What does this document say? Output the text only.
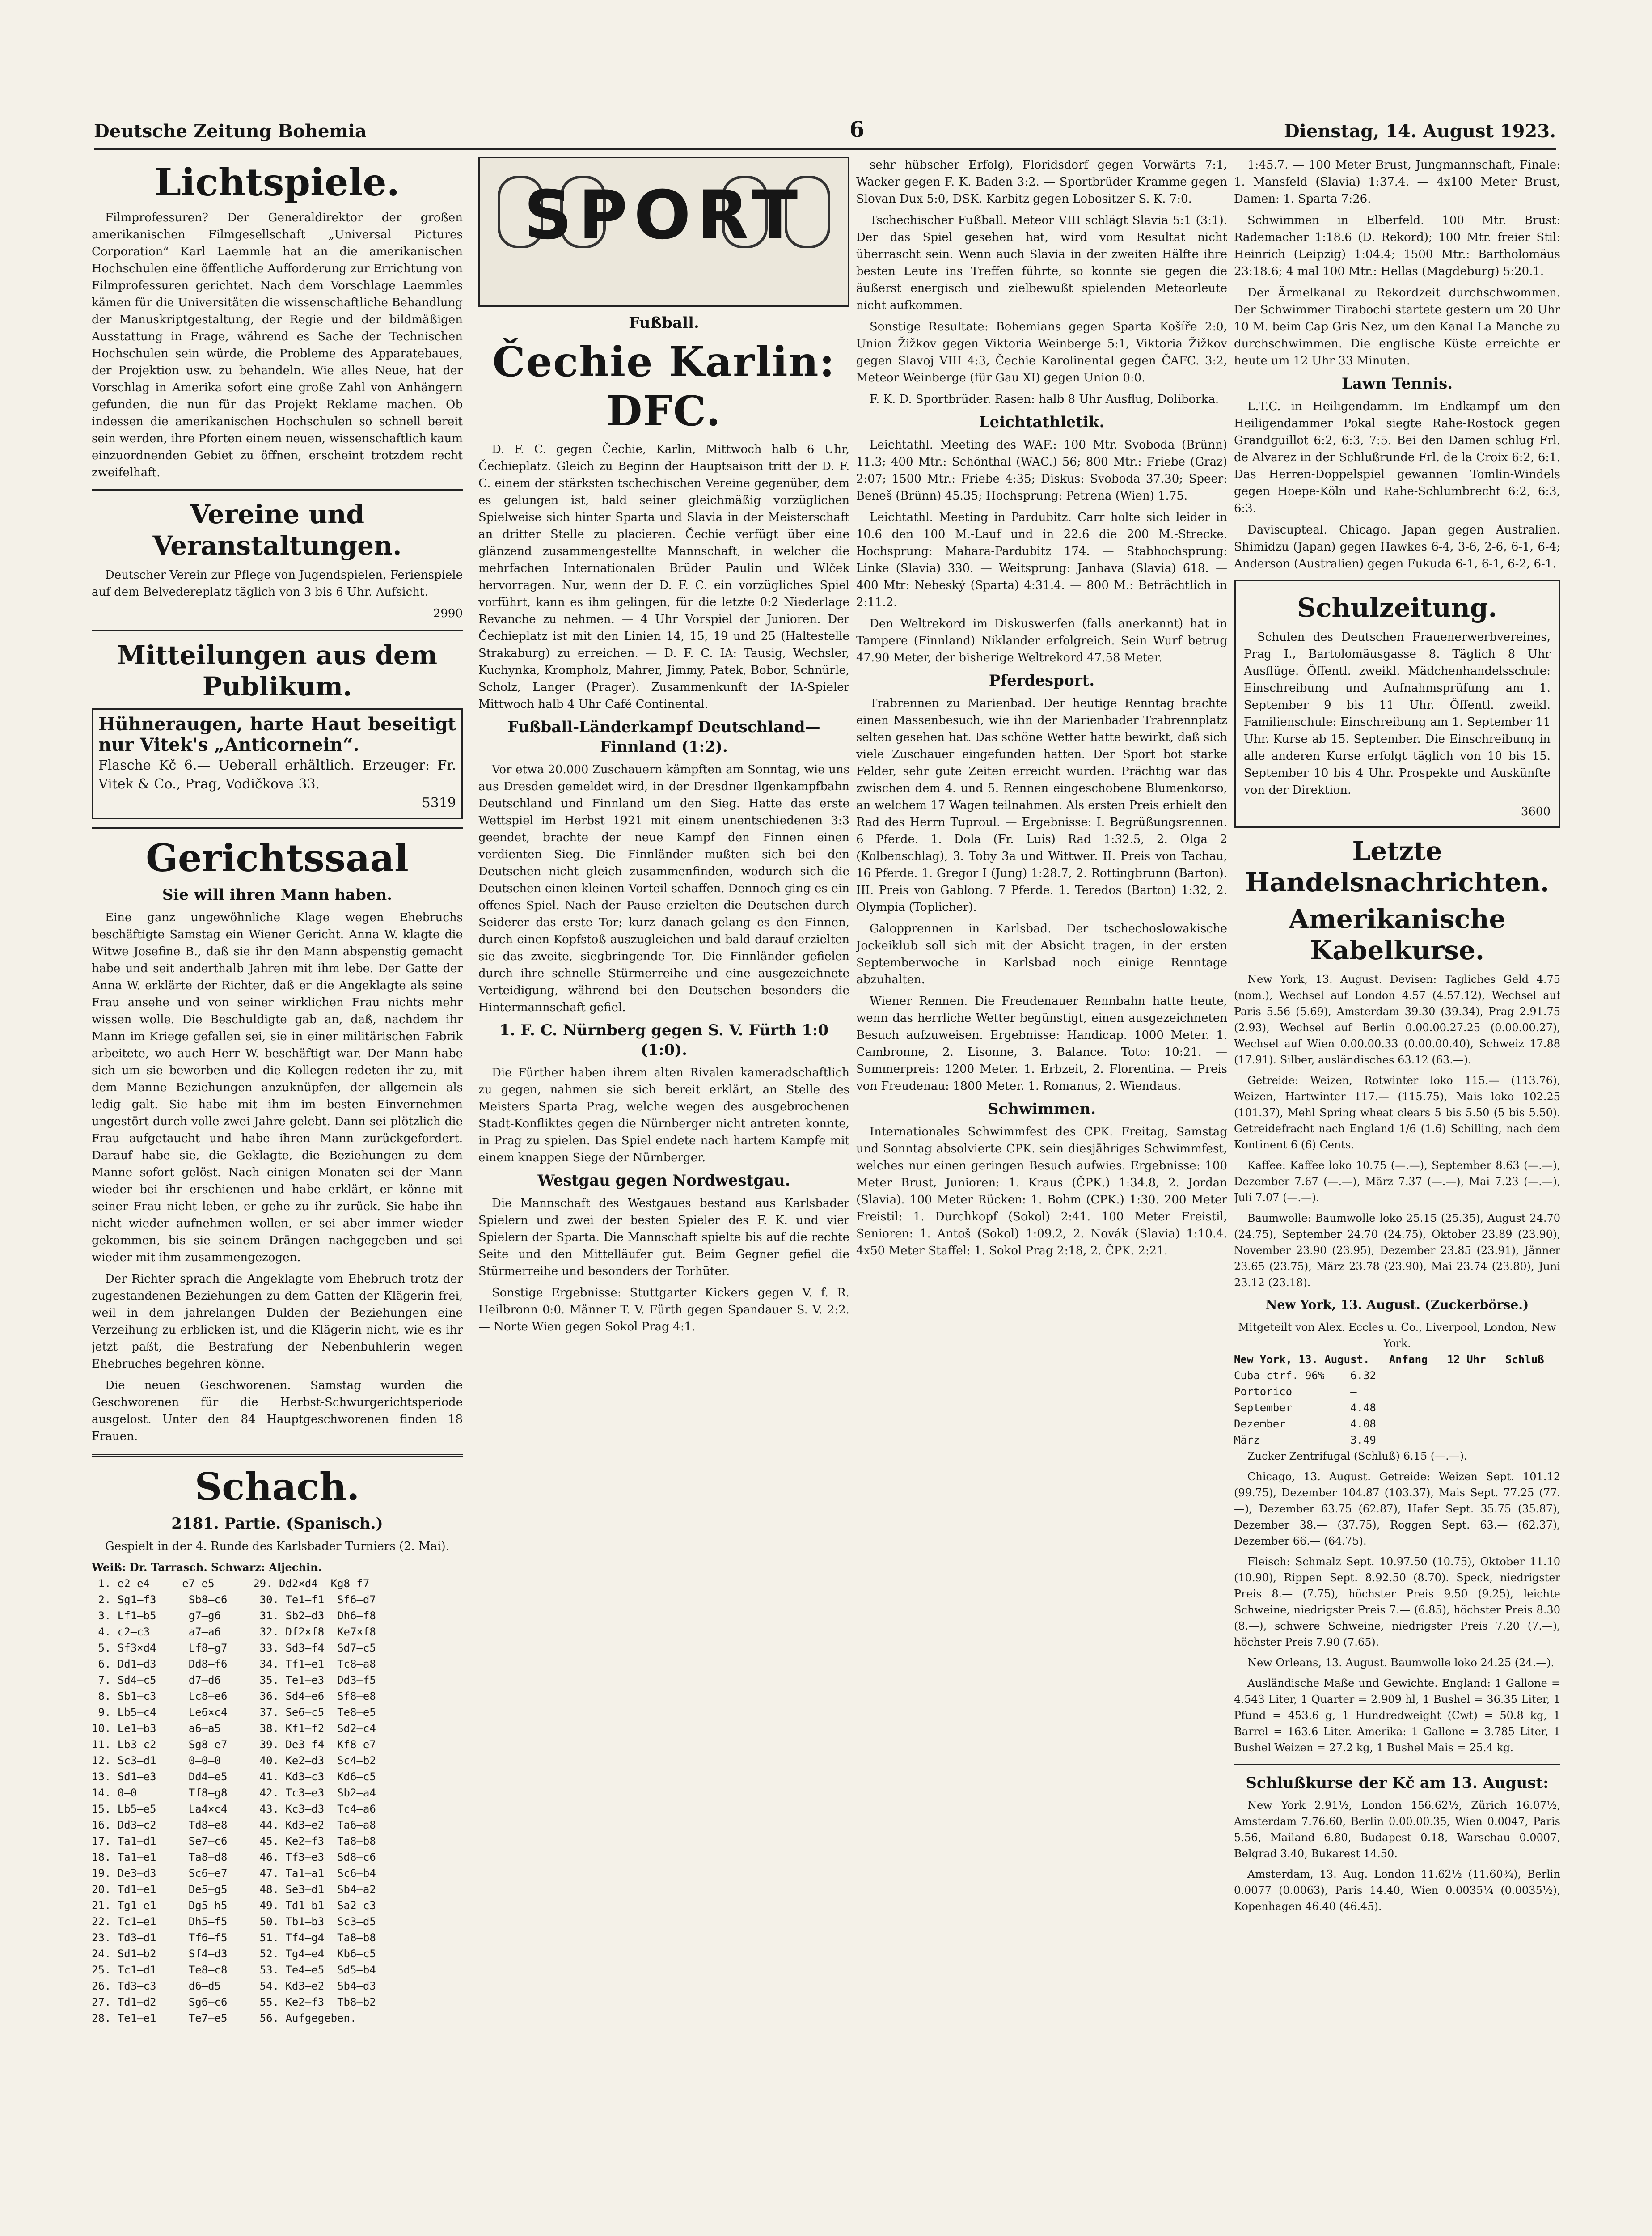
Deutsche Zeitung Bohemia	6	Dienstag, 14. August 1923.
Lichtspiele.

Filmprofessuren? Der Generaldirektor der großen amerikanischen Filmgesellschaft „Universal Pictures Corporation“ Karl Laemmle hat an die amerikanischen Hochschulen eine öffentliche Aufforderung zur Errichtung von Filmprofessuren gerichtet. Nach dem Vorschlage Laemmles kämen für die Universitäten die wissenschaftliche Behandlung der Manuskriptgestaltung, der Regie und der bildmäßigen Ausstattung in Frage, während es Sache der Technischen Hochschulen sein würde, die Probleme des Apparatebaues, der Projektion usw. zu behandeln. Wie alles Neue, hat der Vorschlag in Amerika sofort eine große Zahl von Anhängern gefunden, die nun für das Projekt Reklame machen. Ob indessen die amerikanischen Hochschulen so schnell bereit sein werden, ihre Pforten einem neuen, wissenschaftlich kaum einzuordnenden Gebiet zu öffnen, erscheint trotzdem recht zweifelhaft.

Vereine und Veranstaltungen.

Deutscher Verein zur Pflege von Jugendspielen, Ferienspiele auf dem Belvedereplatz täglich von 3 bis 6 Uhr. Aufsicht.

2990
Mitteilungen aus dem Publikum.
Hühneraugen, harte Haut beseitigt nur Vitek's „Anticornein“.
Flasche Kč 6.— Ueberall erhältlich. Erzeuger: Fr. Vitek & Co., Prag, Vodičkova 33.
5319
Gerichtssaal
Sie will ihren Mann haben.

Eine ganz ungewöhnliche Klage wegen Ehebruchs beschäftigte Samstag ein Wiener Gericht. Anna W. klagte die Witwe Josefine B., daß sie ihr den Mann abspenstig gemacht habe und seit anderthalb Jahren mit ihm lebe. Der Gatte der Anna W. erklärte der Richter, daß er die Angeklagte als seine Frau ansehe und von seiner wirklichen Frau nichts mehr wissen wolle. Die Beschuldigte gab an, daß, nachdem ihr Mann im Kriege gefallen sei, sie in einer militärischen Fabrik arbeitete, wo auch Herr W. beschäftigt war. Der Mann habe sich um sie beworben und die Kollegen redeten ihr zu, mit dem Manne Beziehungen anzuknüpfen, der allgemein als ledig galt. Sie habe mit ihm im besten Einvernehmen ungestört durch volle zwei Jahre gelebt. Dann sei plötzlich die Frau aufgetaucht und habe ihren Mann zurückgefordert. Darauf habe sie, die Geklagte, die Beziehungen zu dem Manne sofort gelöst. Nach einigen Monaten sei der Mann wieder bei ihr erschienen und habe erklärt, er könne mit seiner Frau nicht leben, er gehe zu ihr zurück. Sie habe ihn nicht wieder aufnehmen wollen, er sei aber immer wieder gekommen, bis sie seinem Drängen nachgegeben und sei wieder mit ihm zusammengezogen.

Der Richter sprach die Angeklagte vom Ehebruch trotz der zugestandenen Beziehungen zu dem Gatten der Klägerin frei, weil in dem jahrelangen Dulden der Beziehungen eine Verzeihung zu erblicken ist, und die Klägerin nicht, wie es ihr jetzt paßt, die Bestrafung der Nebenbuhlerin wegen Ehebruches begehren könne.

Die neuen Geschworenen. Samstag wurden die Geschworenen für die Herbst-Schwurgerichtsperiode ausgelost. Unter den 84 Hauptgeschworenen finden 18 Frauen.

Schach.
2181. Partie. (Spanisch.)

Gespielt in der 4. Runde des Karlsbader Turniers (2. Mai).

Weiß: Dr. Tarrasch. Schwarz: Aljechin.
1. e2—e4     e7—e5      29. Dd2×d4  Kg8—f7
2. Sg1—f3     Sb8—c6     30. Te1—f1  Sf6—d7
3. Lf1—b5     g7—g6      31. Sb2—d3  Dh6—f8
4. c2—c3      a7—a6      32. Df2×f8  Ke7×f8
5. Sf3×d4     Lf8—g7     33. Sd3—f4  Sd7—c5
6. Dd1—d3     Dd8—f6     34. Tf1—e1  Tc8—a8
7. Sd4—c5     d7—d6      35. Te1—e3  Dd3—f5
8. Sb1—c3     Lc8—e6     36. Sd4—e6  Sf8—e8
9. Lb5—c4     Le6×c4     37. Se6—c5  Te8—e5
10. Le1—b3     a6—a5      38. Kf1—f2  Sd2—c4
11. Lb3—c2     Sg8—e7     39. De3—f4  Kf8—e7
12. Sc3—d1     0—0—0      40. Ke2—d3  Sc4—b2
13. Sd1—e3     Dd4—e5     41. Kd3—c3  Kd6—c5
14. 0—0        Tf8—g8     42. Tc3—e3  Sb2—a4
15. Lb5—e5     La4×c4     43. Kc3—d3  Tc4—a6
16. Dd3—c2     Td8—e8     44. Kd3—e2  Ta6—a8
17. Ta1—d1     Se7—c6     45. Ke2—f3  Ta8—b8
18. Ta1—e1     Ta8—d8     46. Tf3—e3  Sd8—c6
19. De3—d3     Sc6—e7     47. Ta1—a1  Sc6—b4
20. Td1—e1     De5—g5     48. Se3—d1  Sb4—a2
21. Tg1—e1     Dg5—h5     49. Td1—b1  Sa2—c3
22. Tc1—e1     Dh5—f5     50. Tb1—b3  Sc3—d5
23. Td3—d1     Tf6—f5     51. Tf4—g4  Ta8—b8
24. Sd1—b2     Sf4—d3     52. Tg4—e4  Kb6—c5
25. Tc1—d1     Te8—c8     53. Te4—e5  Sd5—b4
26. Td3—c3     d6—d5      54. Kd3—e2  Sb4—d3
27. Td1—d2     Sg6—c6     55. Ke2—f3  Tb8—b2
28. Te1—e1     Te7—e5     56. Aufgegeben.
SPORT
Fußball.
Čechie Karlin: DFC.

D. F. C. gegen Čechie, Karlin, Mittwoch halb 6 Uhr, Čechieplatz. Gleich zu Beginn der Hauptsaison tritt der D. F. C. einem der stärksten tschechischen Vereine gegenüber, dem es gelungen ist, bald seiner gleichmäßig vorzüglichen Spielweise sich hinter Sparta und Slavia in der Meisterschaft an dritter Stelle zu placieren. Čechie verfügt über eine glänzend zusammengestellte Mannschaft, in welcher die mehrfachen Internationalen Brüder Paulin und Wlček hervorragen. Nur, wenn der D. F. C. ein vorzügliches Spiel vorführt, kann es ihm gelingen, für die letzte 0:2 Niederlage Revanche zu nehmen. — 4 Uhr Vorspiel der Junioren. Der Čechieplatz ist mit den Linien 14, 15, 19 und 25 (Haltestelle Strakaburg) zu erreichen. — D. F. C. IA: Tausig, Wechsler, Kuchynka, Krompholz, Mahrer, Jimmy, Patek, Bobor, Schnürle, Scholz, Langer (Prager). Zusammenkunft der IA-Spieler Mittwoch halb 4 Uhr Café Continental.

Fußball-Länderkampf Deutschland—Finnland (1:2).

Vor etwa 20.000 Zuschauern kämpften am Sonntag, wie uns aus Dresden gemeldet wird, in der Dresdner Ilgenkampfbahn Deutschland und Finnland um den Sieg. Hatte das erste Wettspiel im Herbst 1921 mit einem unentschiedenen 3:3 geendet, brachte der neue Kampf den Finnen einen verdienten Sieg. Die Finnländer mußten sich bei den Deutschen nicht gleich zusammenfinden, wodurch sich die Deutschen einen kleinen Vorteil schaffen. Dennoch ging es ein offenes Spiel. Nach der Pause erzielten die Deutschen durch Seiderer das erste Tor; kurz danach gelang es den Finnen, durch einen Kopfstoß auszugleichen und bald darauf erzielten sie das zweite, siegbringende Tor. Die Finnländer gefielen durch ihre schnelle Stürmerreihe und eine ausgezeichnete Verteidigung, während bei den Deutschen besonders die Hintermannschaft gefiel.

1. F. C. Nürnberg gegen S. V. Fürth 1:0 (1:0).

Die Fürther haben ihrem alten Rivalen kameradschaftlich zu gegen, nahmen sie sich bereit erklärt, an Stelle des Meisters Sparta Prag, welche wegen des ausgebrochenen Stadt-Konfliktes gegen die Nürnberger nicht antreten konnte, in Prag zu spielen. Das Spiel endete nach hartem Kampfe mit einem knappen Siege der Nürnberger.

Westgau gegen Nordwestgau.

Die Mannschaft des Westgaues bestand aus Karlsbader Spielern und zwei der besten Spieler des F. K. und vier Spielern der Sparta. Die Mannschaft spielte bis auf die rechte Seite und den Mittelläufer gut. Beim Gegner gefiel die Stürmerreihe und besonders der Torhüter.

Sonstige Ergebnisse: Stuttgarter Kickers gegen V. f. R. Heilbronn 0:0. Männer T. V. Fürth gegen Spandauer S. V. 2:2. — Norte Wien gegen Sokol Prag 4:1.

sehr hübscher Erfolg), Floridsdorf gegen Vorwärts 7:1, Wacker gegen F. K. Baden 3:2. — Sportbrüder Kramme gegen Slovan Dux 5:0, DSK. Karbitz gegen Lobositzer S. K. 7:0.

Tschechischer Fußball. Meteor VIII schlägt Slavia 5:1 (3:1). Der das Spiel gesehen hat, wird vom Resultat nicht überrascht sein. Wenn auch Slavia in der zweiten Hälfte ihre besten Leute ins Treffen führte, so konnte sie gegen die äußerst energisch und zielbewußt spielenden Meteorleute nicht aufkommen.

Sonstige Resultate: Bohemians gegen Sparta Košíře 2:0, Union Žižkov gegen Viktoria Weinberge 5:1, Viktoria Žižkov gegen Slavoj VIII 4:3, Čechie Karolinental gegen ČAFC. 3:2, Meteor Weinberge (für Gau XI) gegen Union 0:0.

F. K. D. Sportbrüder. Rasen: halb 8 Uhr Ausflug, Doliborka.

Leichtathletik.

Leichtathl. Meeting des WAF.: 100 Mtr. Svoboda (Brünn) 11.3; 400 Mtr.: Schönthal (WAC.) 56; 800 Mtr.: Friebe (Graz) 2:07; 1500 Mtr.: Friebe 4:35; Diskus: Svoboda 37.30; Speer: Beneš (Brünn) 45.35; Hochsprung: Petrena (Wien) 1.75.

Leichtathl. Meeting in Pardubitz. Carr holte sich leider in 10.6 den 100 M.-Lauf und in 22.6 die 200 M.-Strecke. Hochsprung: Mahara-Pardubitz 174. — Stabhochsprung: Linke (Slavia) 330. — Weitsprung: Janhava (Slavia) 618. — 400 Mtr: Nebeský (Sparta) 4:31.4. — 800 M.: Beträchtlich in 2:11.2.

Den Weltrekord im Diskuswerfen (falls anerkannt) hat in Tampere (Finnland) Niklander erfolgreich. Sein Wurf betrug 47.90 Meter, der bisherige Weltrekord 47.58 Meter.

Pferdesport.

Trabrennen zu Marienbad. Der heutige Renntag brachte einen Massenbesuch, wie ihn der Marienbader Trabrennplatz selten gesehen hat. Das schöne Wetter hatte bewirkt, daß sich viele Zuschauer eingefunden hatten. Der Sport bot starke Felder, sehr gute Zeiten erreicht wurden. Prächtig war das zwischen dem 4. und 5. Rennen eingeschobene Blumenkorso, an welchem 17 Wagen teilnahmen. Als ersten Preis erhielt den Rad des Herrn Tuproul. — Ergebnisse: I. Begrüßungsrennen. 6 Pferde. 1. Dola (Fr. Luis) Rad 1:32.5, 2. Olga 2 (Kolbenschlag), 3. Toby 3a und Wittwer. II. Preis von Tachau, 16 Pferde. 1. Gregor I (Jung) 1:28.7, 2. Rottingbrunn (Barton). III. Preis von Gablong. 7 Pferde. 1. Teredos (Barton) 1:32, 2. Olympia (Toplicher).

Galopprennen in Karlsbad. Der tschechoslowakische Jockeiklub soll sich mit der Absicht tragen, in der ersten Septemberwoche in Karlsbad noch einige Renntage abzuhalten.

Wiener Rennen. Die Freudenauer Rennbahn hatte heute, wenn das herrliche Wetter begünstigt, einen ausgezeichneten Besuch aufzuweisen. Ergebnisse: Handicap. 1000 Meter. 1. Cambronne, 2. Lisonne, 3. Balance. Toto: 10:21. — Sommerpreis: 1200 Meter. 1. Erbzeit, 2. Florentina. — Preis von Freudenau: 1800 Meter. 1. Romanus, 2. Wiendaus.

Schwimmen.

Internationales Schwimmfest des CPK. Freitag, Samstag und Sonntag absolvierte CPK. sein diesjähriges Schwimmfest, welches nur einen geringen Besuch aufwies. Ergebnisse: 100 Meter Brust, Junioren: 1. Kraus (ČPK.) 1:34.8, 2. Jordan (Slavia). 100 Meter Rücken: 1. Bohm (CPK.) 1:30. 200 Meter Freistil: 1. Durchkopf (Sokol) 2:41. 100 Meter Freistil, Senioren: 1. Antoš (Sokol) 1:09.2, 2. Novák (Slavia) 1:10.4. 4x50 Meter Staffel: 1. Sokol Prag 2:18, 2. ČPK. 2:21.

1:45.7. — 100 Meter Brust, Jungmannschaft, Finale: 1. Mansfeld (Slavia) 1:37.4. — 4x100 Meter Brust, Damen: 1. Sparta 7:26.

Schwimmen in Elberfeld. 100 Mtr. Brust: Rademacher 1:18.6 (D. Rekord); 100 Mtr. freier Stil: Heinrich (Leipzig) 1:04.4; 1500 Mtr.: Bartholomäus 23:18.6; 4 mal 100 Mtr.: Hellas (Magdeburg) 5:20.1.

Der Ärmelkanal zu Rekordzeit durchschwommen. Der Schwimmer Tirabochi startete gestern um 20 Uhr 10 M. beim Cap Gris Nez, um den Kanal La Manche zu durchschwimmen. Die englische Küste erreichte er heute um 12 Uhr 33 Minuten.

Lawn Tennis.

L.T.C. in Heiligendamm. Im Endkampf um den Heiligendammer Pokal siegte Rahe-Rostock gegen Grandguillot 6:2, 6:3, 7:5. Bei den Damen schlug Frl. de Alvarez in der Schlußrunde Frl. de la Croix 6:2, 6:1. Das Herren-Doppelspiel gewannen Tomlin-Windels gegen Hoepe-Köln und Rahe-Schlumbrecht 6:2, 6:3, 6:3.

Daviscupteal. Chicago. Japan gegen Australien. Shimidzu (Japan) gegen Hawkes 6-4, 3-6, 2-6, 6-1, 6-4; Anderson (Australien) gegen Fukuda 6-1, 6-1, 6-2, 6-1.

Schulzeitung.

Schulen des Deutschen Frauenerwerbvereines, Prag I., Bartolomäusgasse 8. Täglich 8 Uhr Ausflüge. Öffentl. zweikl. Mädchenhandelsschule: Einschreibung und Aufnahmsprüfung am 1. September 9 bis 11 Uhr. Öffentl. zweikl. Familienschule: Einschreibung am 1. September 11 Uhr. Kurse ab 15. September. Die Einschreibung in alle anderen Kurse erfolgt täglich von 10 bis 15. September 10 bis 4 Uhr. Prospekte und Auskünfte von der Direktion.

3600
Letzte Handelsnachrichten.
Amerikanische Kabelkurse.

New York, 13. August. Devisen: Tagliches Geld 4.75 (nom.), Wechsel auf London 4.57 (4.57.12), Wechsel auf Paris 5.56 (5.69), Amsterdam 39.30 (39.34), Prag 2.91.75 (2.93), Wechsel auf Berlin 0.00.00.27.25 (0.00.00.27), Wechsel auf Wien 0.00.00.33 (0.00.00.40), Schweiz 17.88 (17.91). Silber, ausländisches 63.12 (63.—).

Getreide: Weizen, Rotwinter loko 115.— (113.76), Weizen, Hartwinter 117.— (115.75), Mais loko 102.25 (101.37), Mehl Spring wheat clears 5 bis 5.50 (5 bis 5.50). Getreidefracht nach England 1/6 (1.6) Schilling, nach dem Kontinent 6 (6) Cents.

Kaffee: Kaffee loko 10.75 (—.—), September 8.63 (—.—), Dezember 7.67 (—.—), März 7.37 (—.—), Mai 7.23 (—.—), Juli 7.07 (—.—).

Baumwolle: Baumwolle loko 25.15 (25.35), August 24.70 (24.75), September 24.70 (24.75), Oktober 23.89 (23.90), November 23.90 (23.95), Dezember 23.85 (23.91), Jänner 23.65 (23.75), März 23.78 (23.90), Mai 23.74 (23.80), Juni 23.12 (23.18).

New York, 13. August. (Zuckerbörse.)
Mitgeteilt von Alex. Eccles u. Co., Liverpool, London, New York.
New York, 13. August.   Anfang   12 Uhr   Schluß
Cuba ctrf. 96%    6.32
Portorico         —
September         4.48
Dezember          4.08
März              3.49

Zucker Zentrifugal (Schluß) 6.15 (—.—).

Chicago, 13. August. Getreide: Weizen Sept. 101.12 (99.75), Dezember 104.87 (103.37), Mais Sept. 77.25 (77.—), Dezember 63.75 (62.87), Hafer Sept. 35.75 (35.87), Dezember 38.— (37.75), Roggen Sept. 63.— (62.37), Dezember 66.— (64.75).

Fleisch: Schmalz Sept. 10.97.50 (10.75), Oktober 11.10 (10.90), Rippen Sept. 8.92.50 (8.70). Speck, niedrigster Preis 8.— (7.75), höchster Preis 9.50 (9.25), leichte Schweine, niedrigster Preis 7.— (6.85), höchster Preis 8.30 (8.—), schwere Schweine, niedrigster Preis 7.20 (7.—), höchster Preis 7.90 (7.65).

New Orleans, 13. August. Baumwolle loko 24.25 (24.—).

Ausländische Maße und Gewichte. England: 1 Gallone = 4.543 Liter, 1 Quarter = 2.909 hl, 1 Bushel = 36.35 Liter, 1 Pfund = 453.6 g, 1 Hundredweight (Cwt) = 50.8 kg, 1 Barrel = 163.6 Liter. Amerika: 1 Gallone = 3.785 Liter, 1 Bushel Weizen = 27.2 kg, 1 Bushel Mais = 25.4 kg.

Schlußkurse der Kč am 13. August:

New York 2.91½, London 156.62½, Zürich 16.07½, Amsterdam 7.76.60, Berlin 0.00.00.35, Wien 0.0047, Paris 5.56, Mailand 6.80, Budapest 0.18, Warschau 0.0007, Belgrad 3.40, Bukarest 14.50.

Amsterdam, 13. Aug. London 11.62½ (11.60¾), Berlin 0.0077 (0.0063), Paris 14.40, Wien 0.0035¼ (0.0035½), Kopenhagen 46.40 (46.45).
